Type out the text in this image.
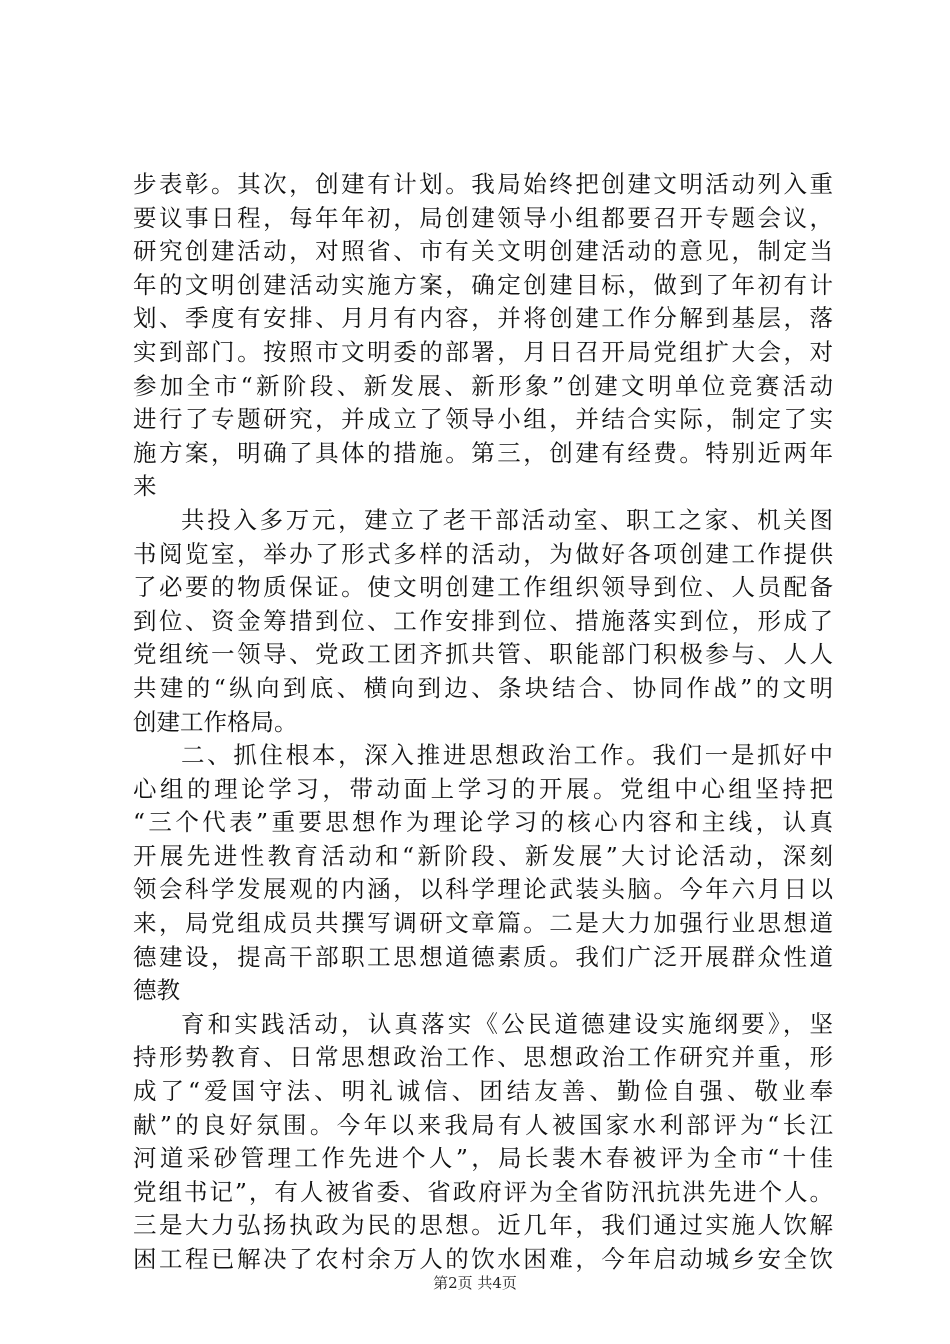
步表彰。其次，创建有计划。我局始终把创建文明活动列入重
要议事日程，每年年初，局创建领导小组都要召开专题会议，
研究创建活动，对照省、市有关文明创建活动的意见，制定当
年的文明创建活动实施方案，确定创建目标，做到了年初有计
划、季度有安排、月月有内容，并将创建工作分解到基层，落
实到部门。按照市文明委的部署，月日召开局党组扩大会，对
参加全市“新阶段、新发展、新形象”创建文明单位竞赛活动
进行了专题研究，并成立了领导小组，并结合实际，制定了实
施方案，明确了具体的措施。第三，创建有经费。特别近两年
来
共投入多万元，建立了老干部活动室、职工之家、机关图
书阅览室，举办了形式多样的活动，为做好各项创建工作提供
了必要的物质保证。使文明创建工作组织领导到位、人员配备
到位、资金筹措到位、工作安排到位、措施落实到位，形成了
党组统一领导、党政工团齐抓共管、职能部门积极参与、人人
共建的“纵向到底、横向到边、条块结合、协同作战”的文明
创建工作格局。
二、抓住根本，深入推进思想政治工作。我们一是抓好中
心组的理论学习，带动面上学习的开展。党组中心组坚持把
“三个代表”重要思想作为理论学习的核心内容和主线，认真
开展先进性教育活动和“新阶段、新发展”大讨论活动，深刻
领会科学发展观的内涵，以科学理论武装头脑。今年六月日以
来，局党组成员共撰写调研文章篇。二是大力加强行业思想道
德建设，提高干部职工思想道德素质。我们广泛开展群众性道
德教
育和实践活动，认真落实《公民道德建设实施纲要》，坚
持形势教育、日常思想政治工作、思想政治工作研究并重，形
成了“爱国守法、明礼诚信、团结友善、勤俭自强、敬业奉
献”的良好氛围。今年以来我局有人被国家水利部评为“长江
河道采砂管理工作先进个人”，局长裴木春被评为全市“十佳
党组书记”，有人被省委、省政府评为全省防汛抗洪先进个人。
三是大力弘扬执政为民的思想。近几年，我们通过实施人饮解
困工程已解决了农村余万人的饮水困难，今年启动城乡安全饮
第2页 共4页
